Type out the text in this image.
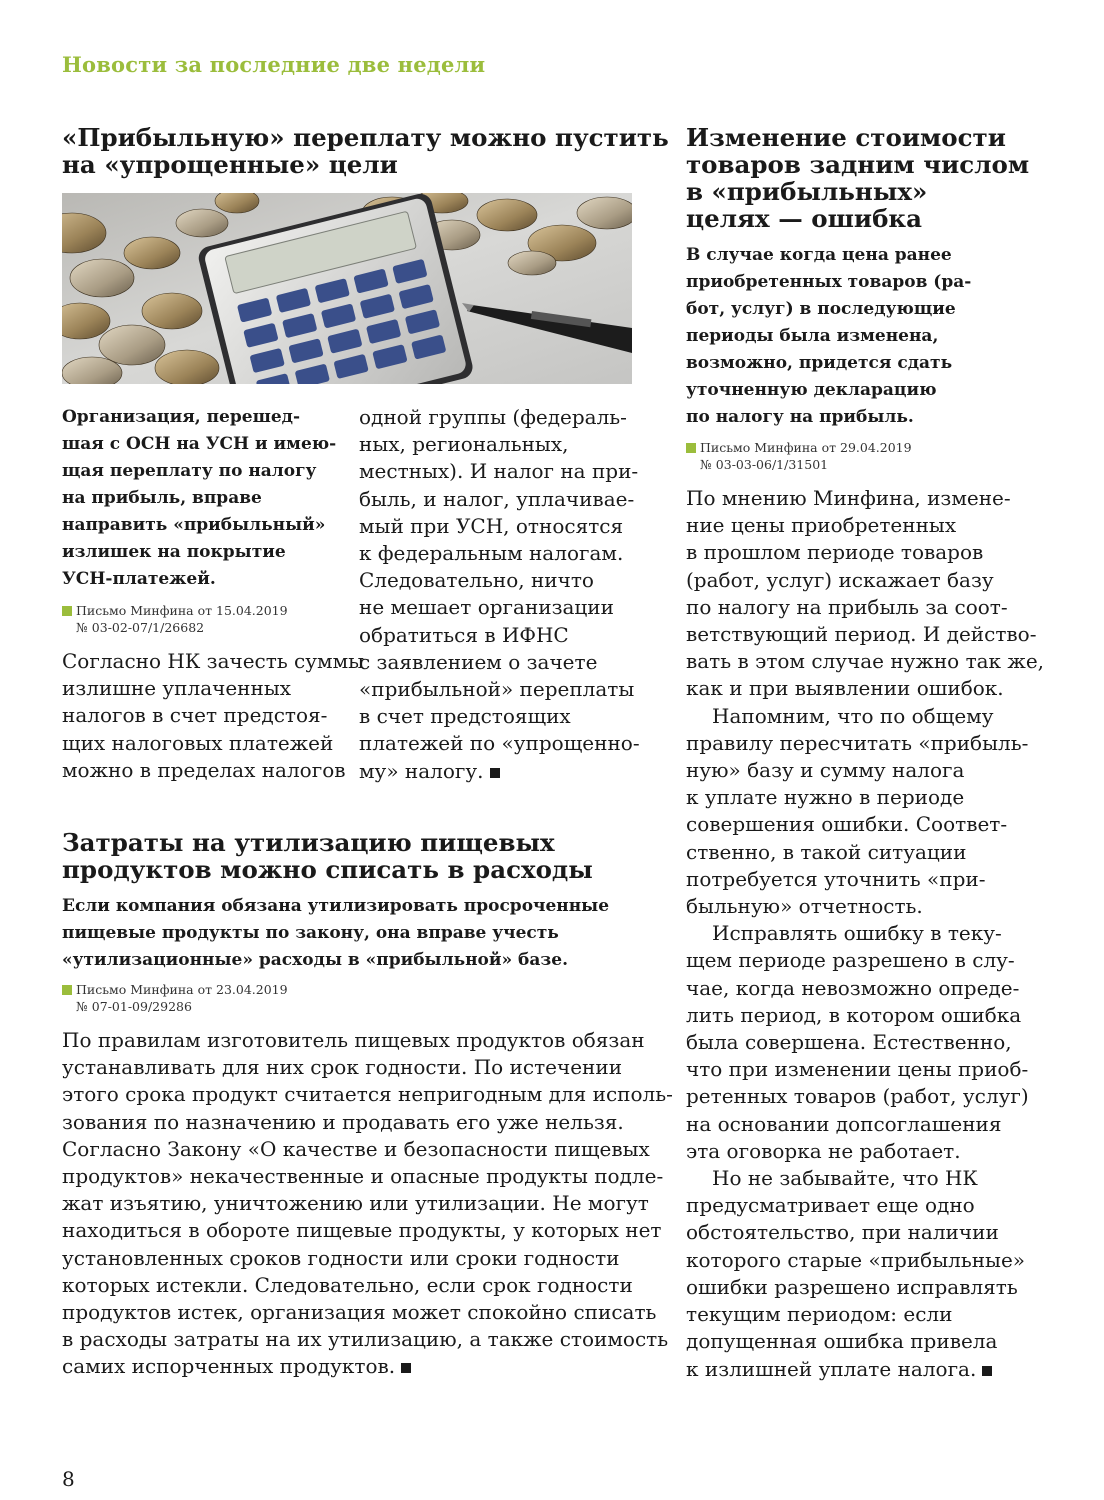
Новости за последние две недели
«Прибыльную» переплату можно пустить
на «упрощенные» цели
Организация, перешед-
шая с ОСН на УСН и имею-
щая переплату по налогу
на прибыль, вправе
направить «прибыльный»
излишек на покрытие
УСН-платежей.
Письмо Минфина от 15.04.2019
№ 03-02-07/1/26682
Согласно НК зачесть суммы
излишне уплаченных
налогов в счет предстоя-
щих налоговых платежей
можно в пределах налогов
одной группы (федераль-
ных, региональных,
местных). И налог на при-
быль, и налог, уплачивае-
мый при УСН, относятся
к федеральным налогам.
Следовательно, ничто
не мешает организации
обратиться в ИФНС
с заявлением о зачете
«прибыльной» переплаты
в счет предстоящих
платежей по «упрощенно-
му» налогу.
Затраты на утилизацию пищевых
продуктов можно списать в расходы
Если компания обязана утилизировать просроченные
пищевые продукты по закону, она вправе учесть
«утилизационные» расходы в «прибыльной» базе.
Письмо Минфина от 23.04.2019
№ 07-01-09/29286
По правилам изготовитель пищевых продуктов обязан
устанавливать для них срок годности. По истечении
этого срока продукт считается непригодным для исполь-
зования по назначению и продавать его уже нельзя.
Согласно Закону «О качестве и безопасности пищевых
продуктов» некачественные и опасные продукты подле-
жат изъятию, уничтожению или утилизации. Не могут
находиться в обороте пищевые продукты, у которых нет
установленных сроков годности или сроки годности
которых истекли. Следовательно, если срок годности
продуктов истек, организация может спокойно списать
в расходы затраты на их утилизацию, а также стоимость
самих испорченных продуктов.
Изменение стоимости
товаров задним числом
в «прибыльных»
целях — ошибка
В случае когда цена ранее
приобретенных товаров (ра-
бот, услуг) в последующие
периоды была изменена,
возможно, придется сдать
уточненную декларацию
по налогу на прибыль.
Письмо Минфина от 29.04.2019
№ 03-03-06/1/31501
По мнению Минфина, измене-
ние цены приобретенных
в прошлом периоде товаров
(работ, услуг) искажает базу
по налогу на прибыль за соот-
ветствующий период. И действо-
вать в этом случае нужно так же,
как и при выявлении ошибок.
Напомним, что по общему
правилу пересчитать «прибыль-
ную» базу и сумму налога
к уплате нужно в периоде
совершения ошибки. Соответ-
ственно, в такой ситуации
потребуется уточнить «при-
быльную» отчетность.
Исправлять ошибку в теку-
щем периоде разрешено в слу-
чае, когда невозможно опреде-
лить период, в котором ошибка
была совершена. Естественно,
что при изменении цены приоб-
ретенных товаров (работ, услуг)
на основании допсоглашения
эта оговорка не работает.
Но не забывайте, что НК
предусматривает еще одно
обстоятельство, при наличии
которого старые «прибыльные»
ошибки разрешено исправлять
текущим периодом: если
допущенная ошибка привела
к излишней уплате налога.
8
